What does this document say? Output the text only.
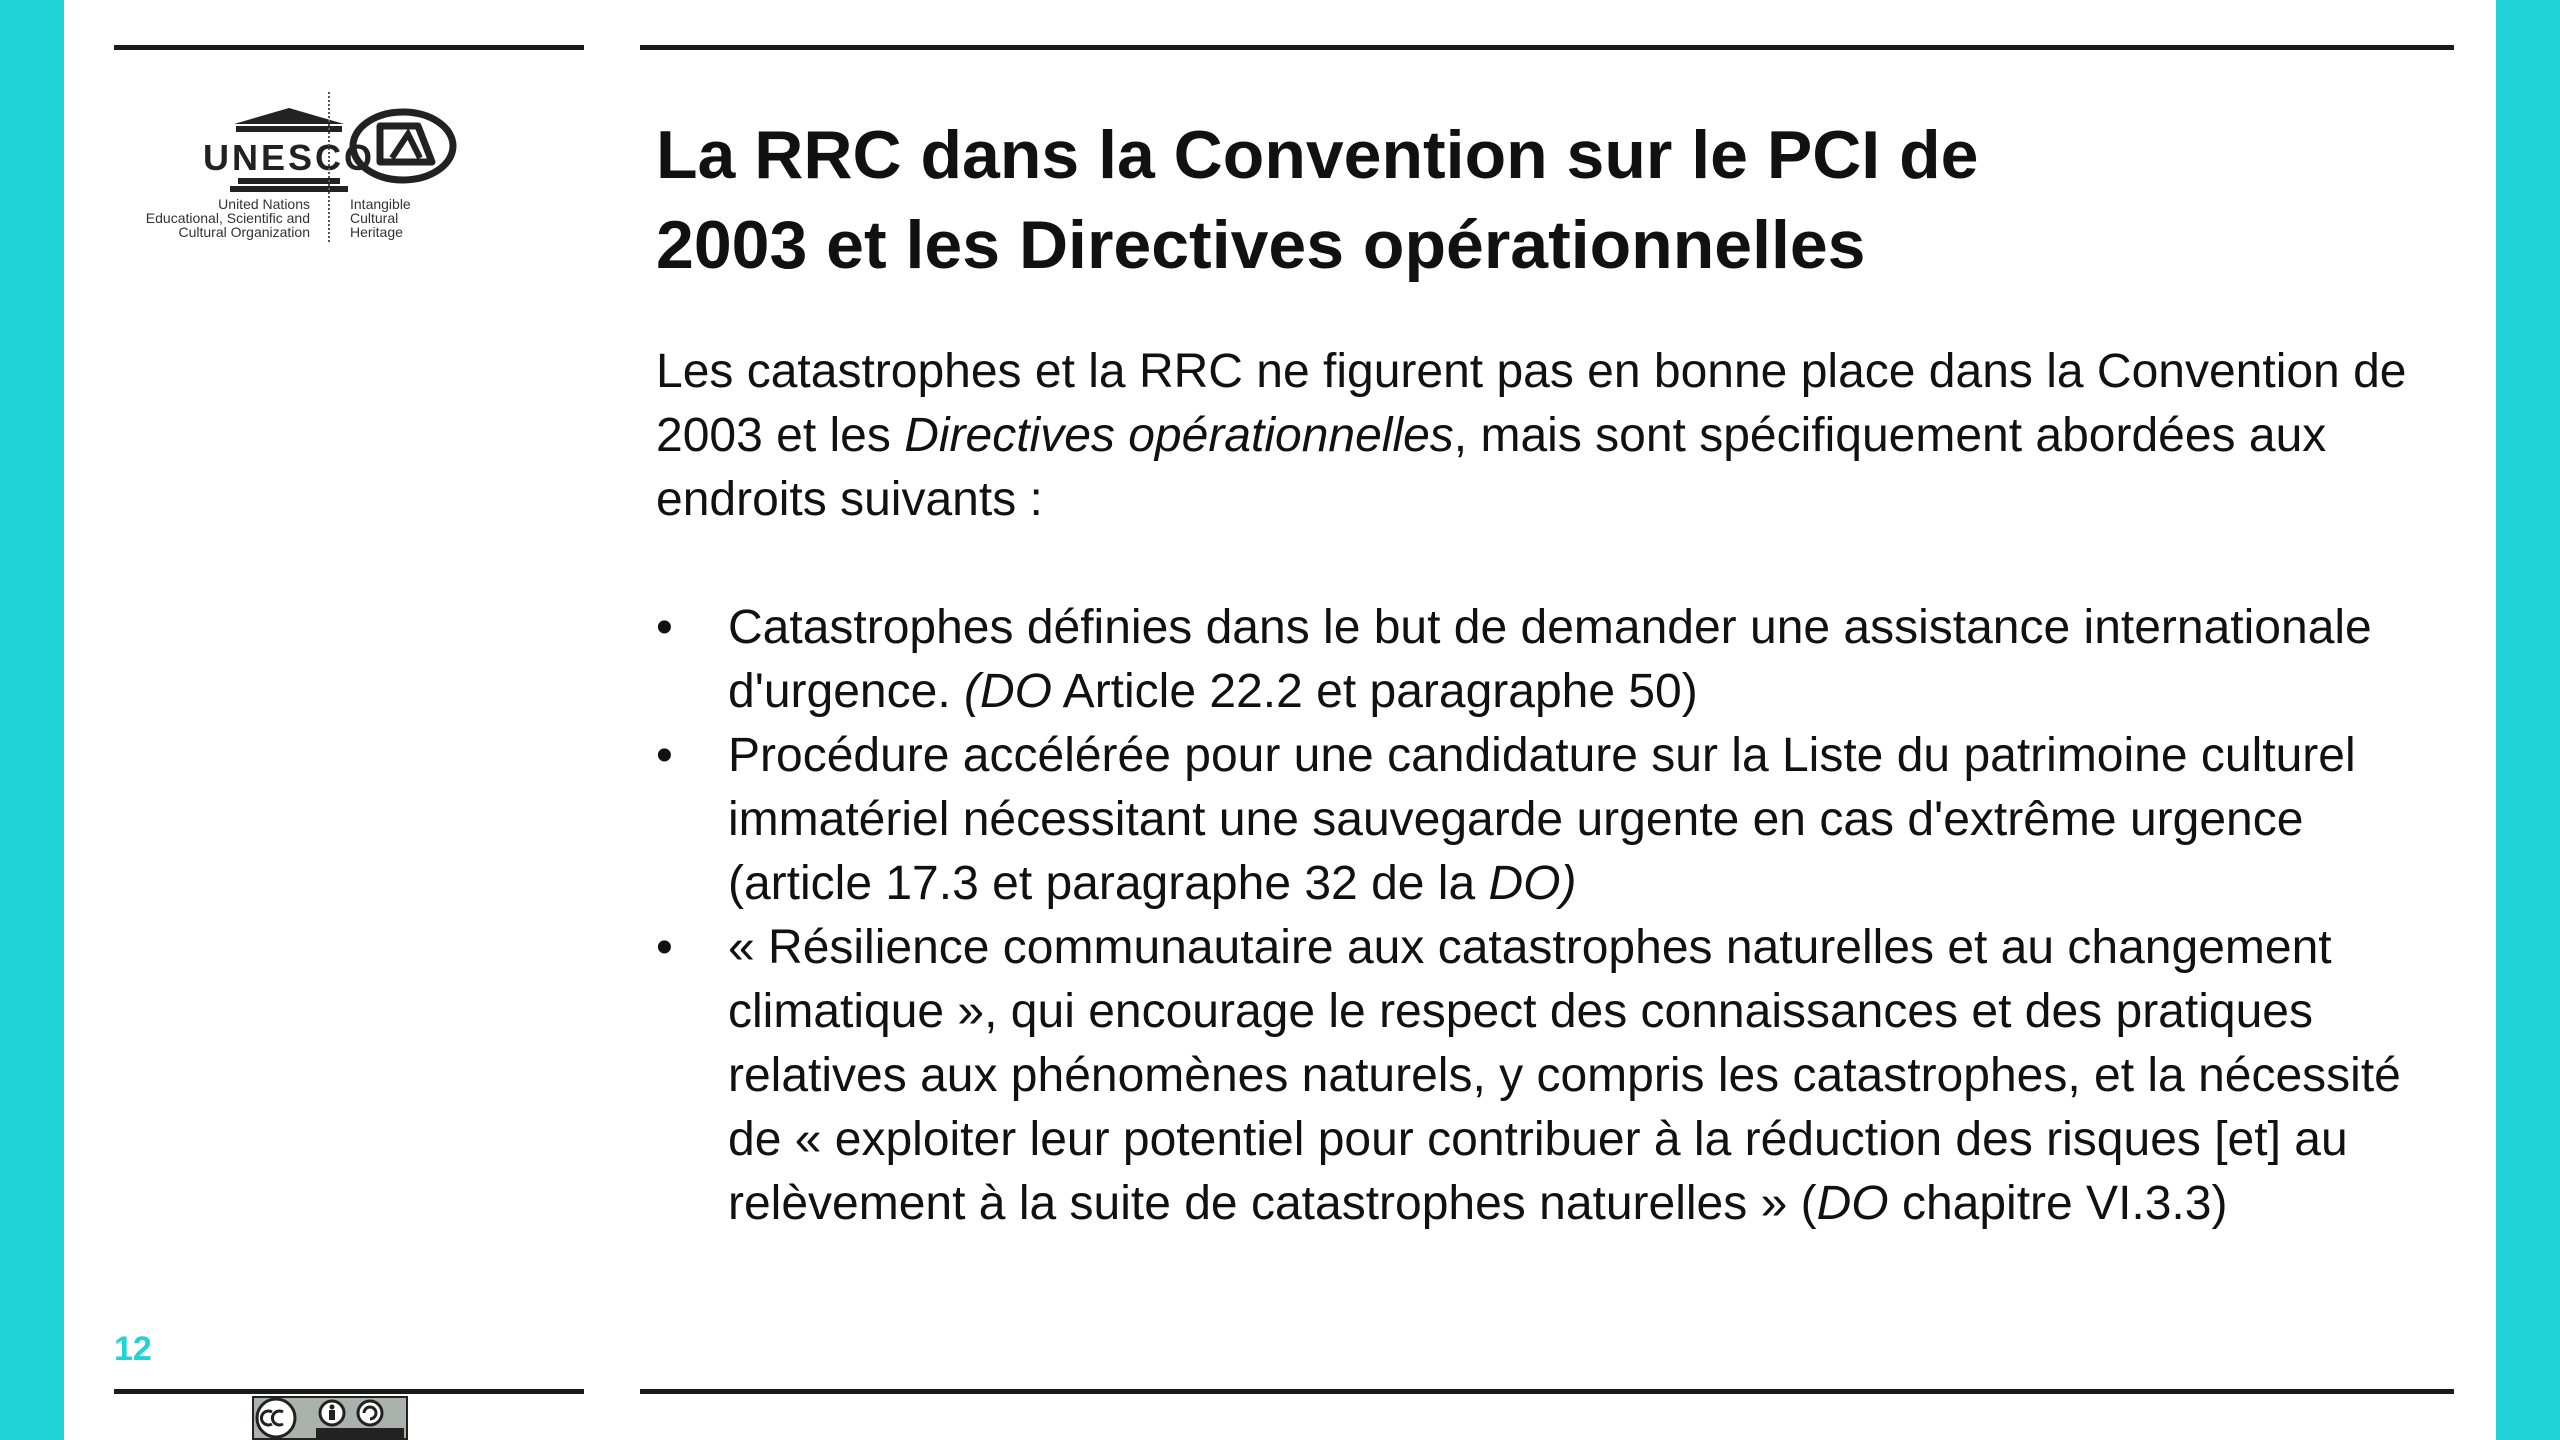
UNESCO
United Nations
Educational, Scientific and
Cultural Organization
Intangible
Cultural
Heritage
La RRC dans la Convention sur le PCI de
2003 et les Directives opérationnelles

Les catastrophes et la RRC ne figurent pas en bonne place dans la Convention de 2003 et les Directives opérationnelles, mais sont spécifiquement abordées aux endroits suivants :

• Catastrophes définies dans le but de demander une assistance internationale d'urgence. (DO Article 22.2 et paragraphe 50)
• Procédure accélérée pour une candidature sur la Liste du patrimoine culturel immatériel nécessitant une sauvegarde urgente en cas d'extrême urgence (article 17.3 et paragraphe 32 de la DO)
• « Résilience communautaire aux catastrophes naturelles et au changement climatique », qui encourage le respect des connaissances et des pratiques relatives aux phénomènes naturels, y compris les catastrophes, et la nécessité de « exploiter leur potentiel pour contribuer à la réduction des risques [et] au relèvement à la suite de catastrophes naturelles » (DO chapitre VI.3.3)
12
